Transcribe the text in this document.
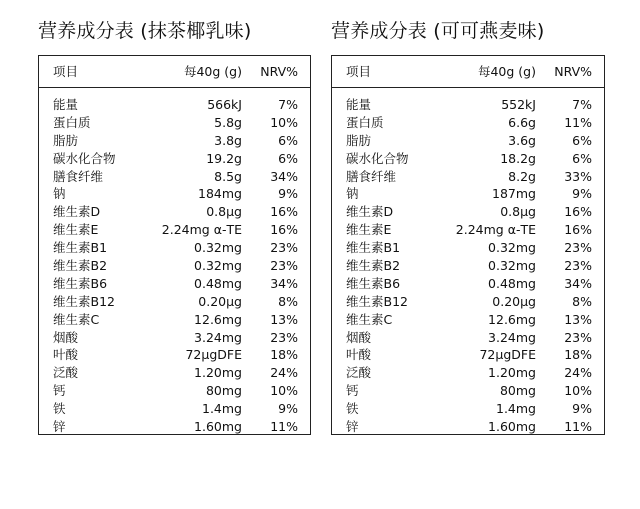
营养成分表 (抹茶椰乳味)
项目	每40g (g) NRV%
能量	566kJ	7%
蛋白质	5.8g 10%
脂肪	3.8g	6%
碳水化合物	19.2g	6%
膳食纤维	8.5g 34%
钠	184mg	9%
维生素D	0.8μg 16%
维生素E	2.24mg α-TE 16%
维生素B1	0.32mg 23%
维生素B2	0.32mg 23%
维生素B6	0.48mg 34%
维生素B12	0.20μg	8%
维生素C	12.6mg 13%
烟酸	3.24mg 23%
叶酸	72μgDFE 18%
泛酸	1.20mg 24%
钙	80mg 10%
铁	1.4mg	9%
锌	1.60mg 11%
营养成分表 (可可燕麦味)
项目	每40g (g) NRV%
能量	552kJ	7%
蛋白质	6.6g 11%
脂肪	3.6g	6%
碳水化合物	18.2g	6%
膳食纤维	8.2g 33%
钠	187mg	9%
维生素D	0.8μg 16%
维生素E	2.24mg α-TE 16%
维生素B1	0.32mg 23%
维生素B2	0.32mg 23%
维生素B6	0.48mg 34%
维生素B12	0.20μg	8%
维生素C	12.6mg 13%
烟酸	3.24mg 23%
叶酸	72μgDFE 18%
泛酸	1.20mg 24%
钙	80mg 10%
铁	1.4mg	9%
锌	1.60mg 11%
